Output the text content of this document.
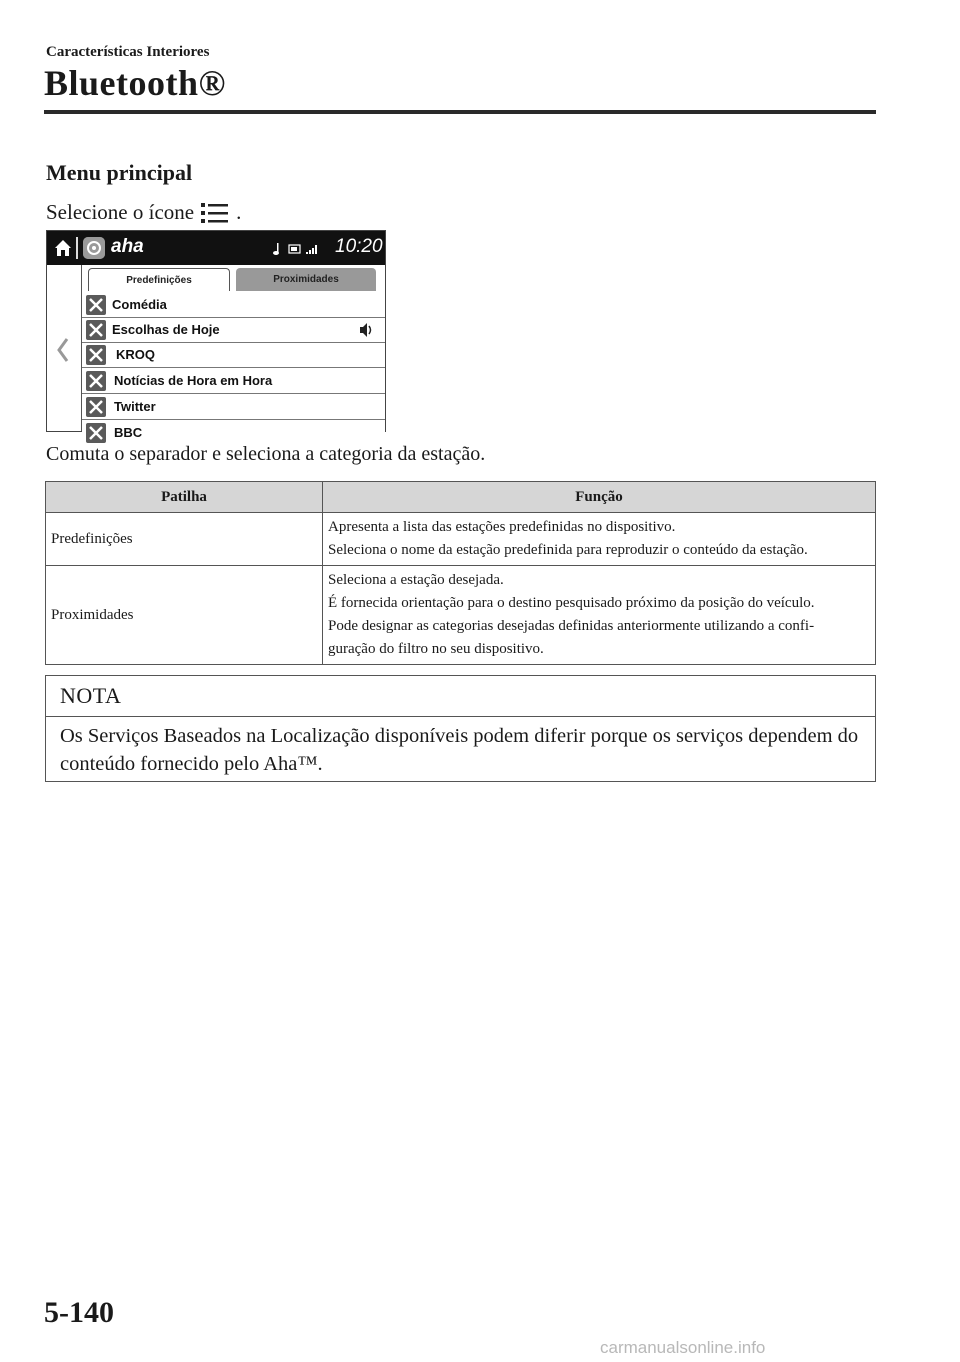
Características Interiores
Bluetooth®
Menu principal
Selecione o ícone .
aha	10:20
Predefinições	Proximidades
Comédia
Escolhas de Hoje
KROQ
Notícias de Hora em Hora
Twitter
BBC
Comuta o separador e seleciona a categoria da estação.
Patilha	Função
Predefinições	Apresenta a lista das estações predefinidas no dispositivo.
Seleciona o nome da estação predefinida para reproduzir o conteúdo da estação.

Proximidades	Seleciona a estação desejada.
É fornecida orientação para o destino pesquisado próximo da posição do veículo.
Pode designar as categorias desejadas definidas anteriormente utilizando a confi-
guração do filtro no seu dispositivo.
NOTA
Os Serviços Baseados na Localização disponíveis podem diferir porque os serviços dependem do conteúdo fornecido pelo Aha™.
5-140
carmanualsonline.info
